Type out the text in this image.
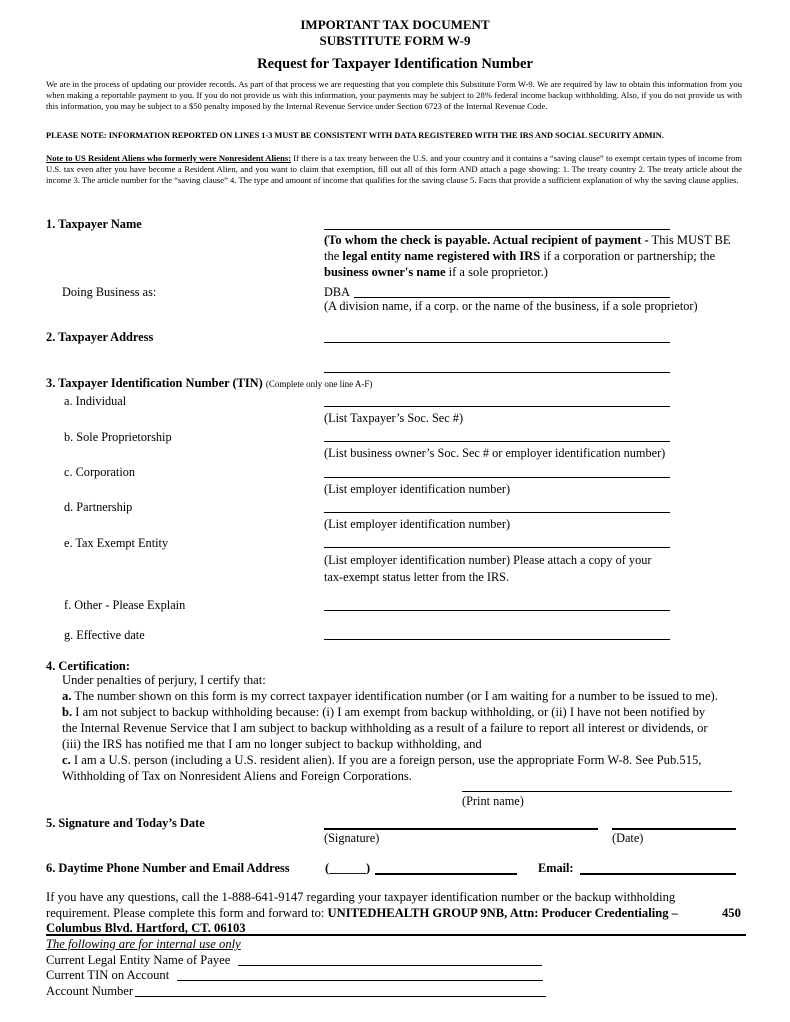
IMPORTANT TAX DOCUMENT
SUBSTITUTE FORM W-9
Request for Taxpayer Identification Number
We are in the process of updating our provider records. As part of that process we are requesting that you complete this Substitute Form W-9. We are required by law to obtain this information from you when making a reportable payment to you. If you do not provide us with this information, your payments may be subject to 28% federal income backup withholding. Also, if you do not provide us with this information, you may be subject to a $50 penalty imposed by the Internal Revenue Service under Section 6723 of the Internal Revenue Code.
PLEASE NOTE: INFORMATION REPORTED ON LINES 1-3 MUST BE CONSISTENT WITH DATA REGISTERED WITH THE IRS AND SOCIAL SECURITY ADMIN.
Note to US Resident Aliens who formerly were Nonresident Aliens: If there is a tax treaty between the U.S. and your country and it contains a “saving clause” to exempt certain types of income from U.S. tax even after you have become a Resident Alien, and you want to claim that exemption, fill out all of this form AND attach a page showing: 1. The treaty country 2. The treaty article about the income 3. The article number for the “saving clause” 4. The type and amount of income that qualifies for the saving clause 5. Facts that provide a sufficient explanation of why the saving clause applies.
1. Taxpayer Name
(To whom the check is payable. Actual recipient of payment - This MUST BE the legal entity name registered with IRS if a corporation or partnership; the business owner's name if a sole proprietor.)
Doing Business as:	DBA
(A division name, if a corp. or the name of the business, if a sole proprietor)
2. Taxpayer Address
3. Taxpayer Identification Number (TIN) (Complete only one line A-F)
a. Individual
(List Taxpayer’s Soc. Sec #)
b. Sole Proprietorship
(List business owner’s Soc. Sec # or employer identification number)
c. Corporation
(List employer identification number)
d. Partnership
(List employer identification number)
e. Tax Exempt Entity
(List employer identification number) Please attach a copy of your
tax-exempt status letter from the IRS.
f. Other - Please Explain
g. Effective date
4. Certification:
Under penalties of perjury, I certify that:
a. The number shown on this form is my correct taxpayer identification number (or I am waiting for a number to be issued to me).
b. I am not subject to backup withholding because: (i) I am exempt from backup withholding, or (ii) I have not been notified by
the Internal Revenue Service that I am subject to backup withholding as a result of a failure to report all interest or dividends, or
(iii) the IRS has notified me that I am no longer subject to backup withholding, and
c. I am a U.S. person (including a U.S. resident alien). If you are a foreign person, use the appropriate Form W-8. See Pub.515,
Withholding of Tax on Nonresident Aliens and Foreign Corporations.
(Print name)
5. Signature and Today’s Date
(Signature)	(Date)
6. Daytime Phone Number and Email Address	(______)	Email:
If you have any questions, call the 1-888-641-9147 regarding your taxpayer identification number or the backup withholding
requirement. Please complete this form and forward to: UNITEDHEALTH GROUP 9NB, Attn: Producer Credentialing –	450
Columbus Blvd. Hartford, CT. 06103
The following are for internal use only
Current Legal Entity Name of Payee
Current TIN on Account
Account Number
